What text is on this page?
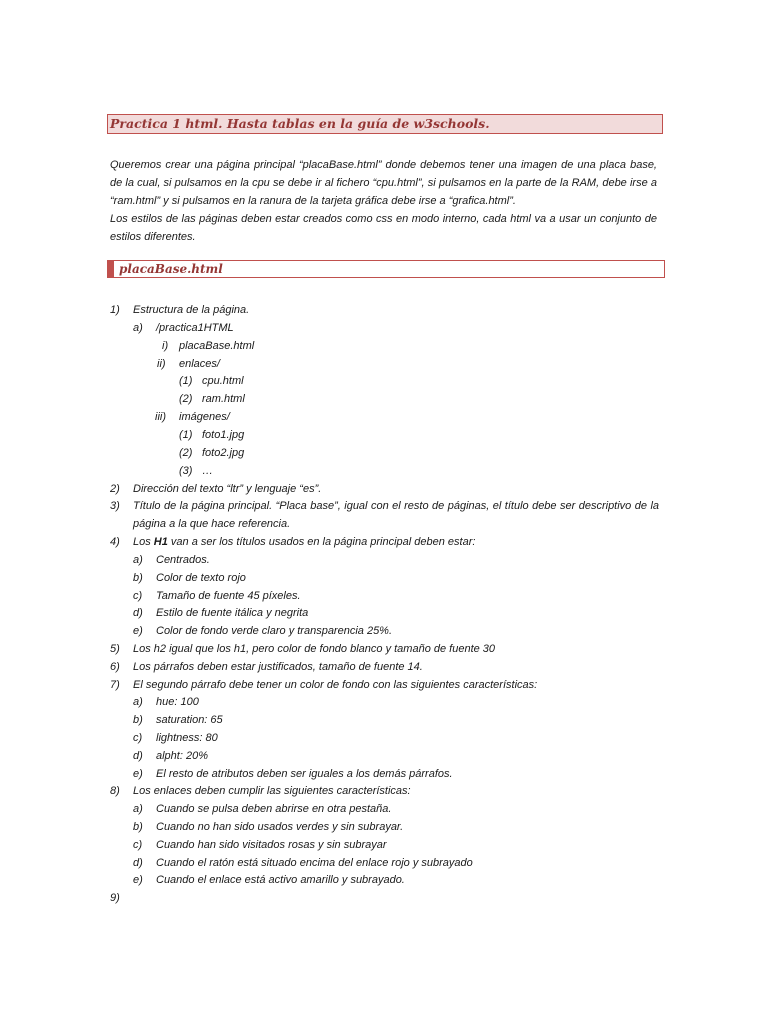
Practica 1 html. Hasta tablas en la guía de w3schools.

Queremos crear una página principal “placaBase.html” donde debemos tener una imagen de una placa base, de la cual, si pulsamos en la cpu se debe ir al fichero “cpu.html”, si pulsamos en la parte de la RAM, debe irse a “ram.html” y si pulsamos en la ranura de la tarjeta gráfica debe irse a “grafica.html”.

Los estilos de las páginas deben estar creados como css en modo interno, cada html va a usar un conjunto de estilos diferentes.

placaBase.html
1) Estructura de la página.
a) /practica1HTML
i) placaBase.html
ii) enlaces/
(1) cpu.html
(2) ram.html
iii) imágenes/
(1) foto1.jpg
(2) foto2.jpg
(3) …
2) Dirección del texto “ltr” y lenguaje “es”.
3) Título de la página principal. “Placa base”, igual con el resto de páginas, el título debe ser descriptivo de la página a la que hace referencia.
4) Los H1 van a ser los títulos usados en la página principal deben estar:
a) Centrados.
b) Color de texto rojo
c) Tamaño de fuente 45 píxeles.
d) Estilo de fuente itálica y negrita
e) Color de fondo verde claro y transparencia 25%.
5) Los h2 igual que los h1, pero color de fondo blanco y tamaño de fuente 30
6) Los párrafos deben estar justificados, tamaño de fuente 14.
7) El segundo párrafo debe tener un color de fondo con las siguientes características:
a) hue: 100
b) saturation: 65
c) lightness: 80
d) alpht: 20%
e) El resto de atributos deben ser iguales a los demás párrafos.
8) Los enlaces deben cumplir las siguientes características:
a) Cuando se pulsa deben abrirse en otra pestaña.
b) Cuando no han sido usados verdes y sin subrayar.
c) Cuando han sido visitados rosas y sin subrayar
d) Cuando el ratón está situado encima del enlace rojo y subrayado
e) Cuando el enlace está activo amarillo y subrayado.
9)
